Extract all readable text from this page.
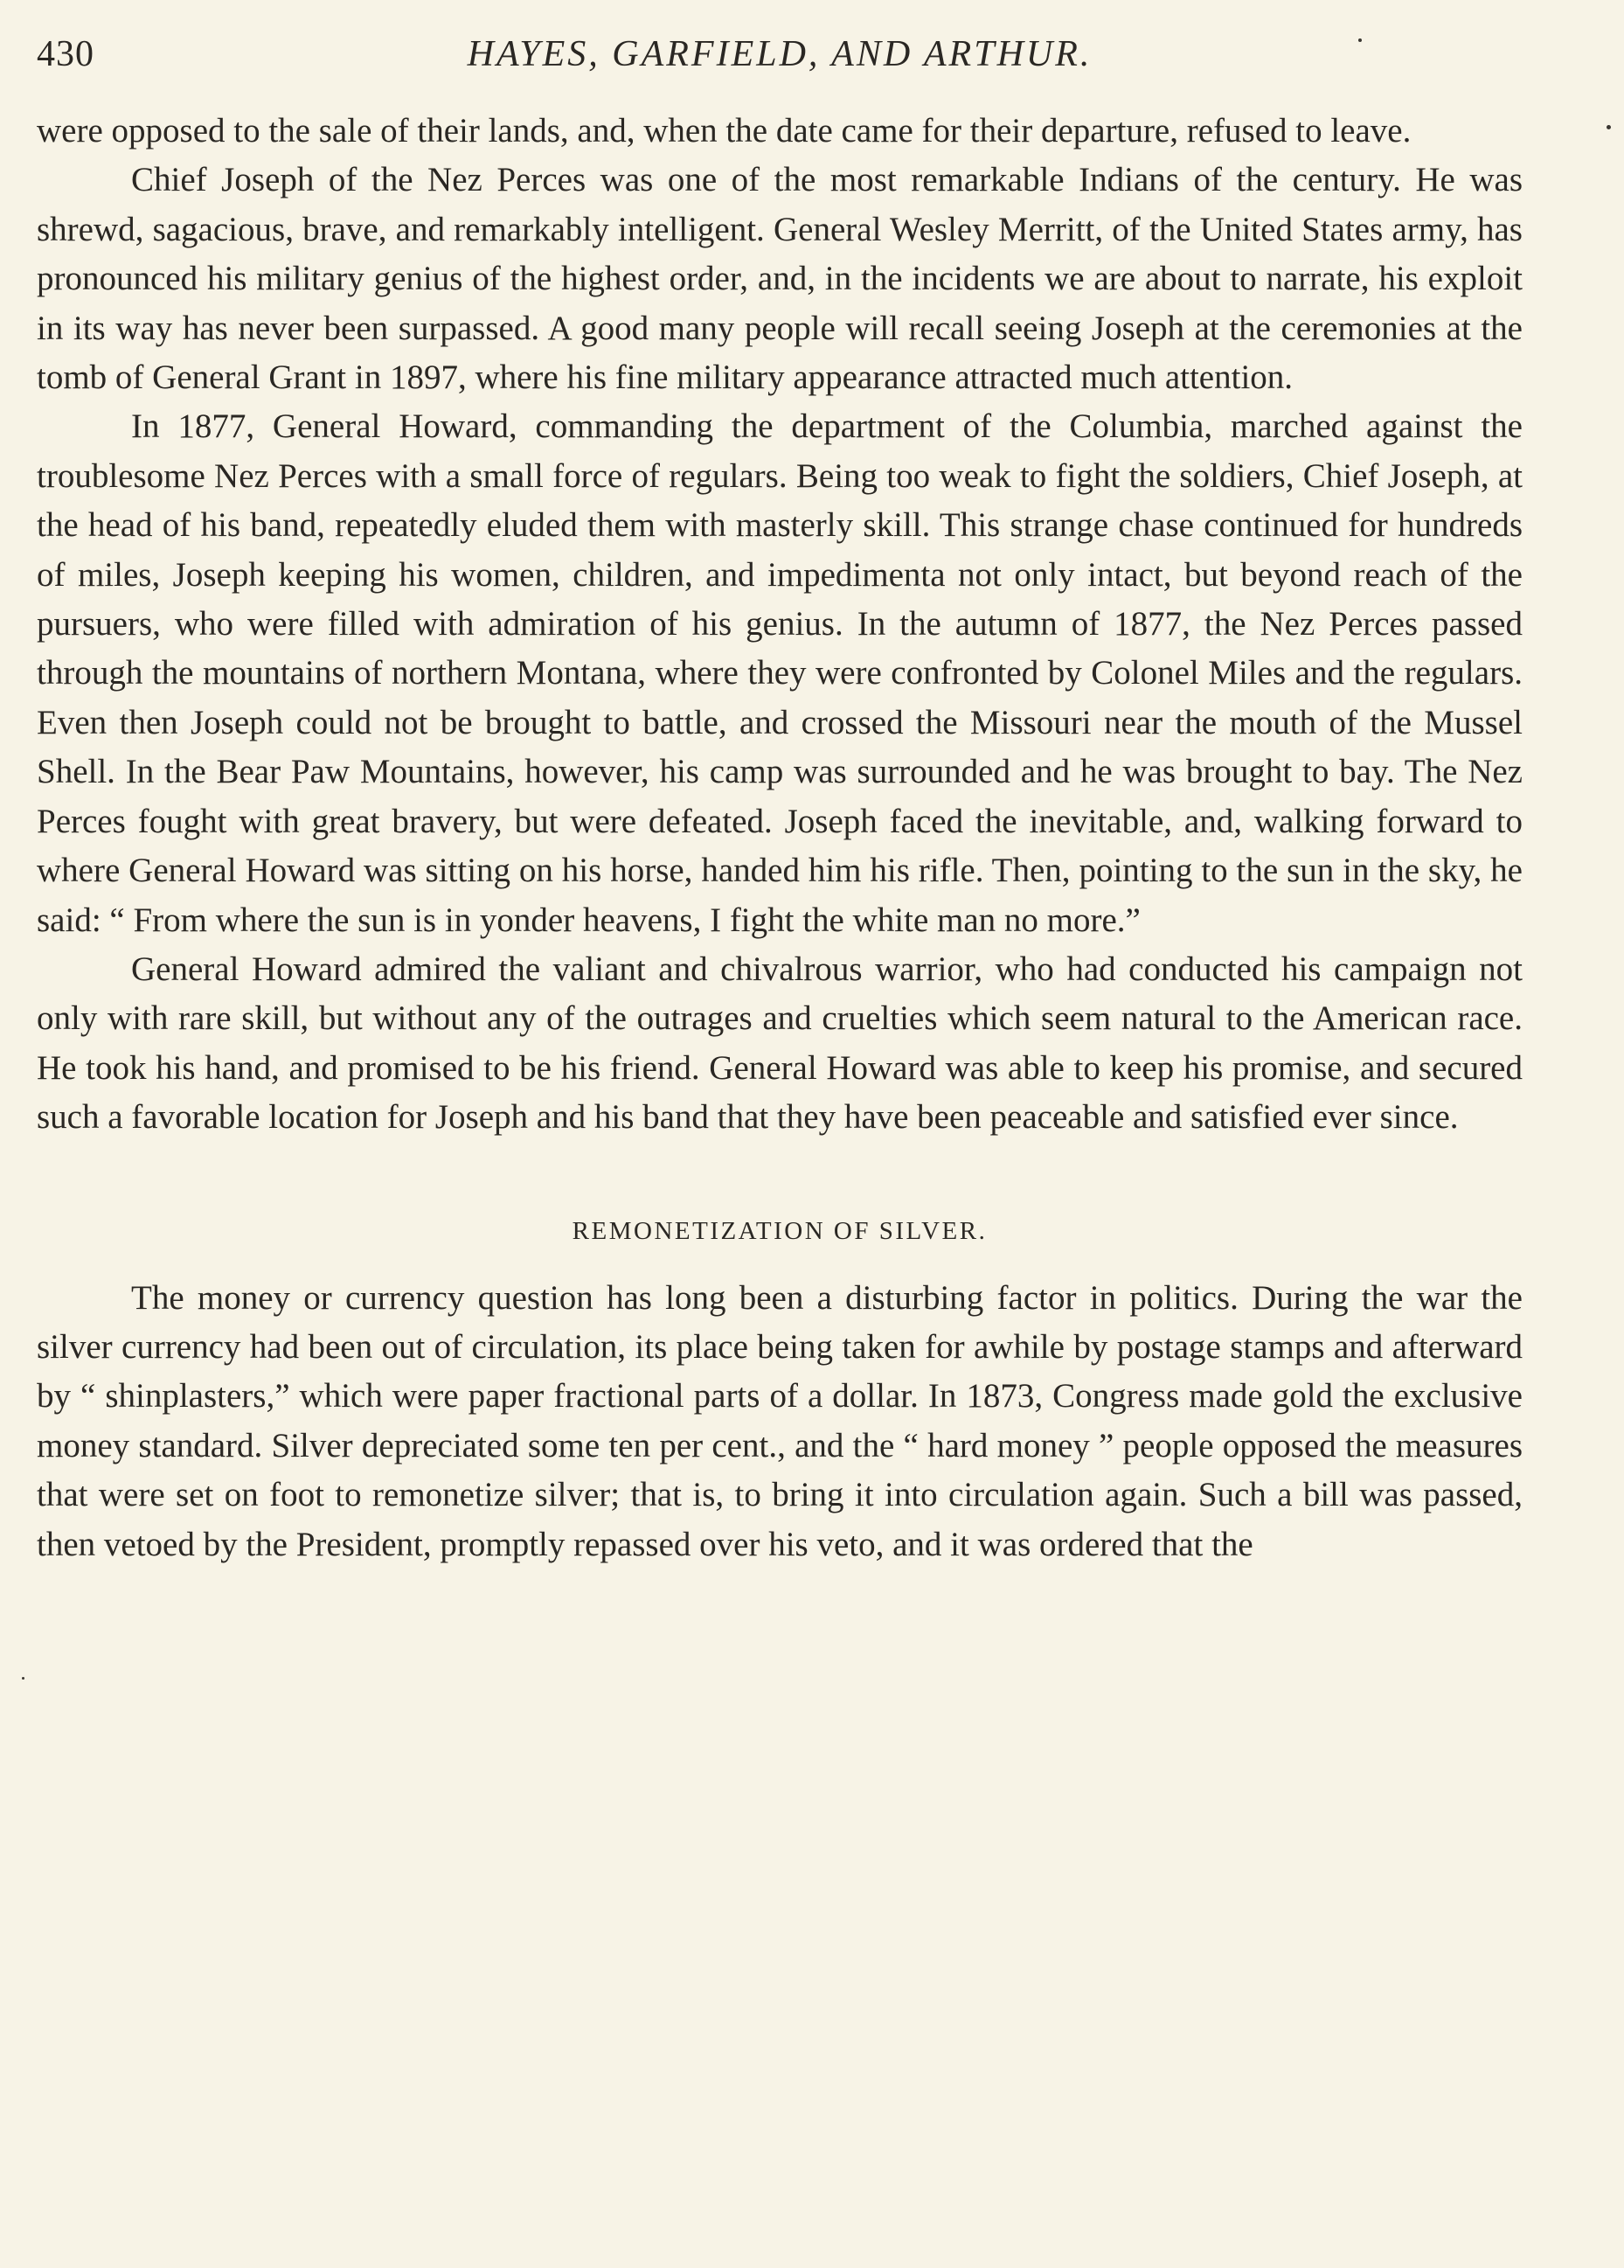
430	HAYES, GARFIELD, AND ARTHUR.

were opposed to the sale of their lands, and, when the date came for their departure, refused to leave.

Chief Joseph of the Nez Perces was one of the most remarkable Indians of the century. He was shrewd, sagacious, brave, and remarkably intelligent. General Wesley Merritt, of the United States army, has pronounced his military genius of the highest order, and, in the incidents we are about to narrate, his exploit in its way has never been surpassed. A good many people will recall seeing Joseph at the ceremonies at the tomb of General Grant in 1897, where his fine military appearance attracted much attention.

In 1877, General Howard, commanding the department of the Columbia, marched against the troublesome Nez Perces with a small force of regulars. Being too weak to fight the soldiers, Chief Joseph, at the head of his band, repeatedly eluded them with masterly skill. This strange chase continued for hundreds of miles, Joseph keeping his women, children, and impedimenta not only intact, but beyond reach of the pursuers, who were filled with admiration of his genius. In the autumn of 1877, the Nez Perces passed through the mountains of northern Montana, where they were confronted by Colonel Miles and the regulars. Even then Joseph could not be brought to battle, and crossed the Missouri near the mouth of the Mussel Shell. In the Bear Paw Mountains, however, his camp was surrounded and he was brought to bay. The Nez Perces fought with great bravery, but were defeated. Joseph faced the inevitable, and, walking forward to where General Howard was sitting on his horse, handed him his rifle. Then, pointing to the sun in the sky, he said: “ From where the sun is in yonder heavens, I fight the white man no more.”

General Howard admired the valiant and chivalrous warrior, who had conducted his campaign not only with rare skill, but without any of the outrages and cruelties which seem natural to the American race. He took his hand, and promised to be his friend. General Howard was able to keep his promise, and secured such a favorable location for Joseph and his band that they have been peaceable and satisfied ever since.

REMONETIZATION OF SILVER.

The money or currency question has long been a disturbing factor in politics. During the war the silver currency had been out of circulation, its place being taken for awhile by postage stamps and afterward by “ shinplasters,” which were paper fractional parts of a dollar. In 1873, Congress made gold the exclusive money standard. Silver depreciated some ten per cent., and the “ hard money ” people opposed the measures that were set on foot to remonetize silver; that is, to bring it into circulation again. Such a bill was passed, then vetoed by the President, promptly repassed over his veto, and it was ordered that the
